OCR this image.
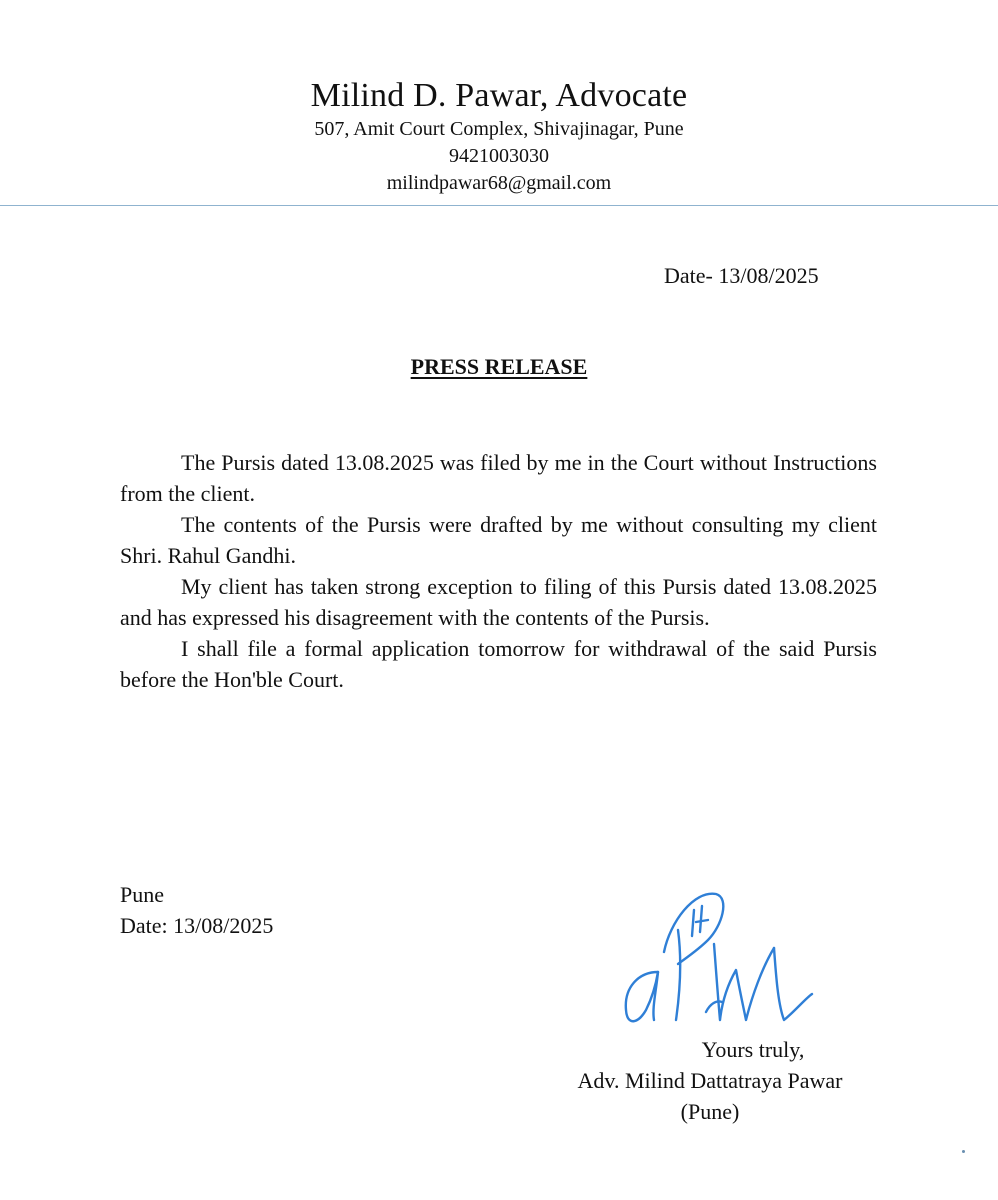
Milind D. Pawar, Advocate
507, Amit Court Complex, Shivajinagar, Pune
9421003030
milindpawar68@gmail.com
Date- 13/08/2025
PRESS RELEASE

The Pursis dated 13.08.2025 was filed by me in the Court without Instructions from the client.

The contents of the Pursis were drafted by me without consulting my client Shri. Rahul Gandhi.

My client has taken strong exception to filing of this Pursis dated 13.08.2025 and has expressed his disagreement with the contents of the Pursis.

I shall file a formal application tomorrow for withdrawal of the said Pursis before the Hon'ble Court.

Pune
Date: 13/08/2025
Yours truly,
Adv. Milind Dattatraya Pawar
(Pune)
